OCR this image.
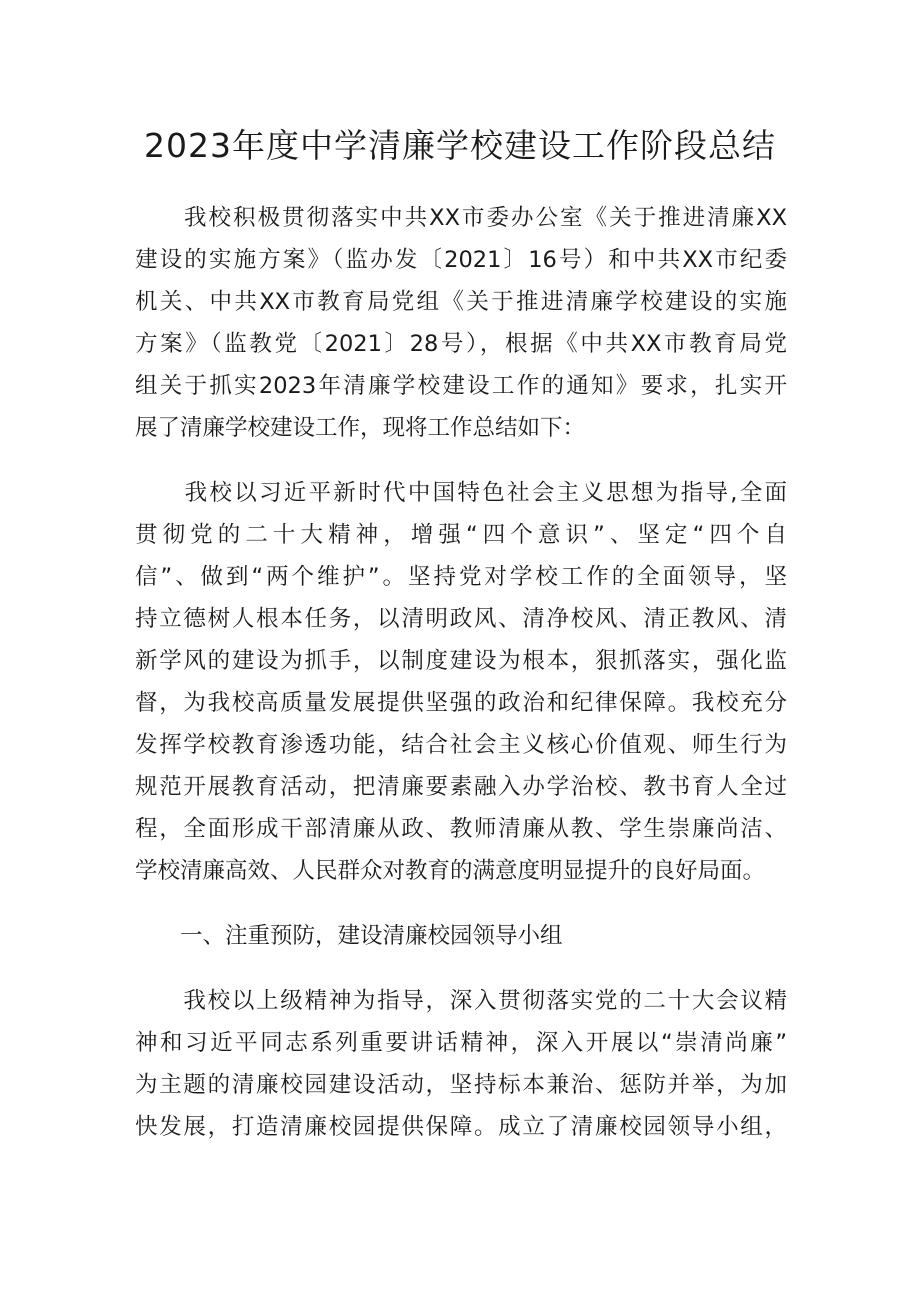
2023年度中学清廉学校建设工作阶段总结
　　我校积极贯彻落实中共XX市委办公室《关于推进清廉XX
建设的实施方案》（监办发〔2021〕16号）和中共XX市纪委
机关、中共XX市教育局党组《关于推进清廉学校建设的实施
方案》（监教党〔2021〕28号），根据《中共XX市教育局党
组关于抓实2023年清廉学校建设工作的通知》要求，扎实开
展了清廉学校建设工作，现将工作总结如下：
　　我校以习近平新时代中国特色社会主义思想为指导,全面
贯彻党的二十大精神，增强“四个意识”、坚定“四个自
信”、做到“两个维护”。坚持党对学校工作的全面领导，坚
持立德树人根本任务，以清明政风、清净校风、清正教风、清
新学风的建设为抓手，以制度建设为根本，狠抓落实，强化监
督，为我校高质量发展提供坚强的政治和纪律保障。我校充分
发挥学校教育渗透功能，结合社会主义核心价值观、师生行为
规范开展教育活动，把清廉要素融入办学治校、教书育人全过
程，全面形成干部清廉从政、教师清廉从教、学生崇廉尚洁、
学校清廉高效、人民群众对教育的满意度明显提升的良好局面。
　　一、注重预防，建设清廉校园领导小组
　　我校以上级精神为指导，深入贯彻落实党的二十大会议精
神和习近平同志系列重要讲话精神，深入开展以“崇清尚廉”
为主题的清廉校园建设活动，坚持标本兼治、惩防并举，为加
快发展，打造清廉校园提供保障。成立了清廉校园领导小组，
